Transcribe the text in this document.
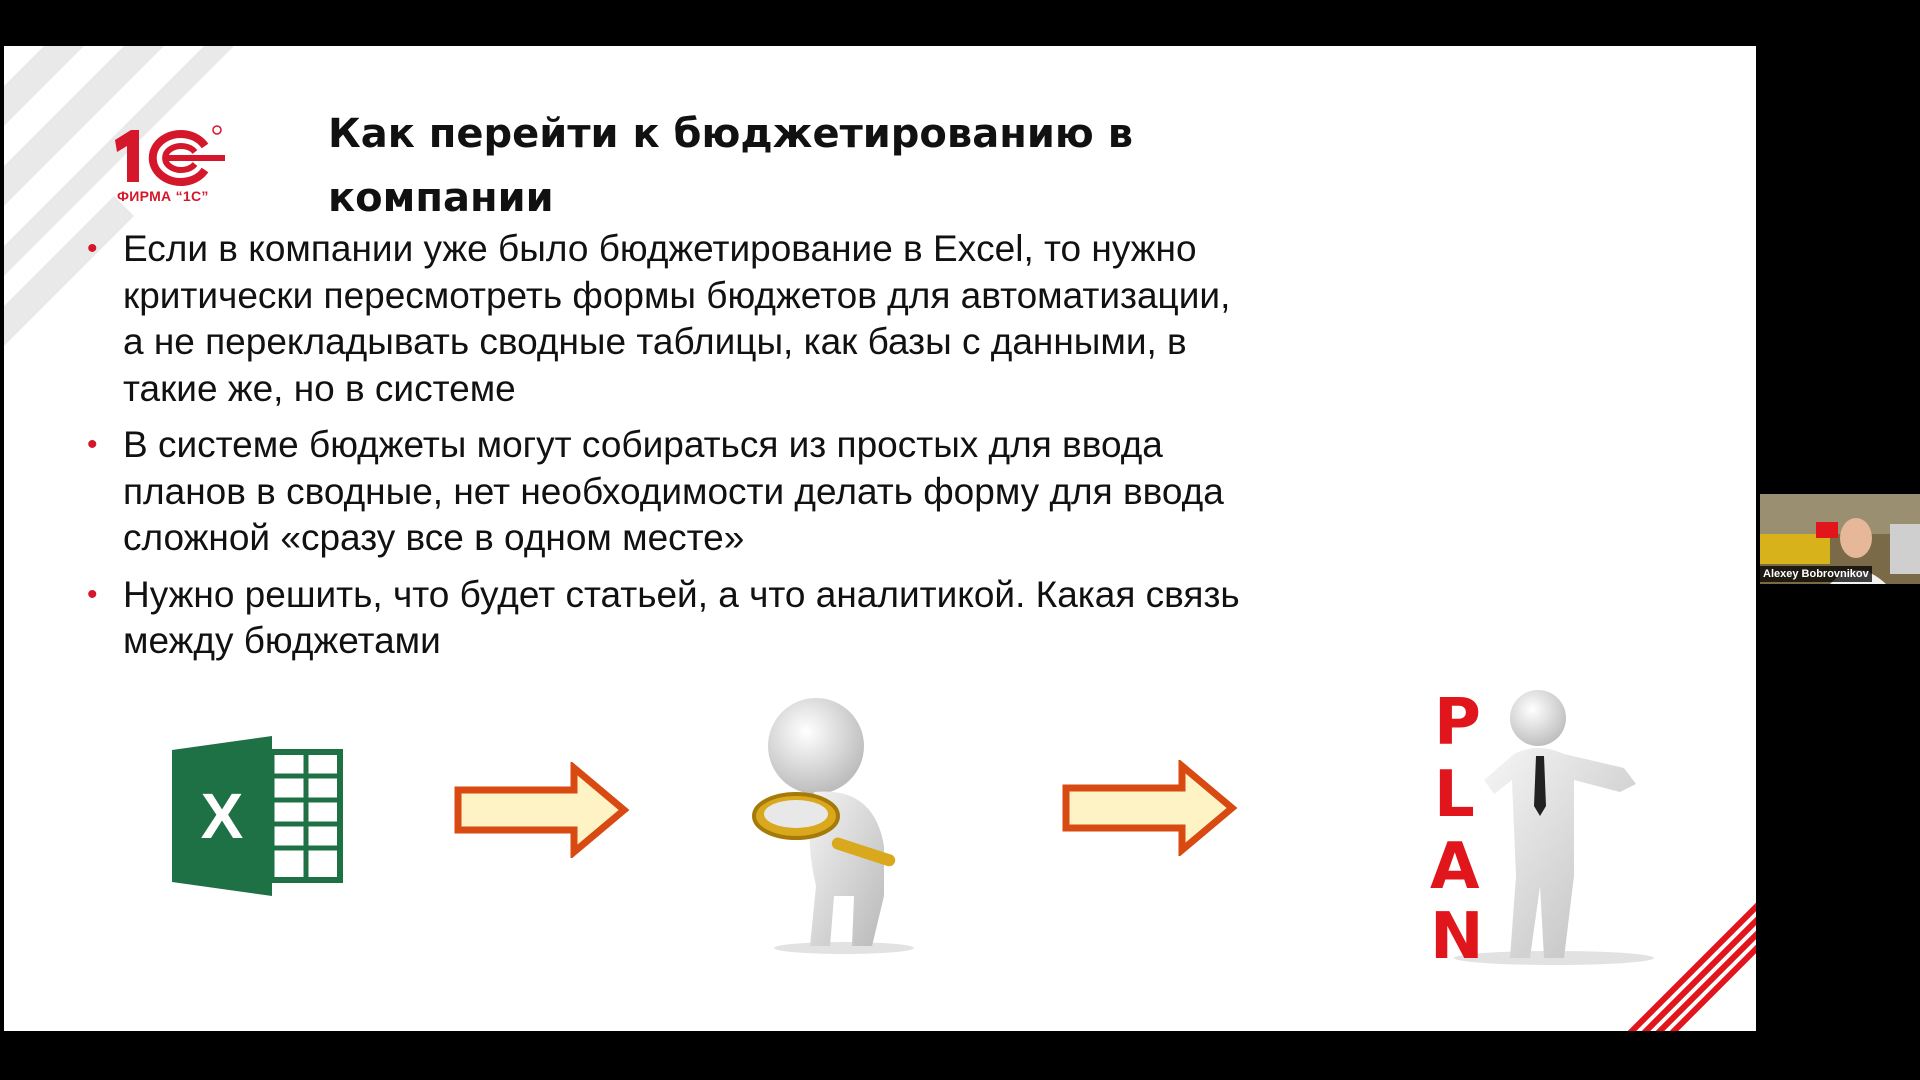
ФИРМА “1С”
Как перейти к бюджетированию в
компании
• Если в компании уже было бюджетирование в Excel, то нужно
критически пересмотреть формы бюджетов для автоматизации,
а не перекладывать сводные таблицы, как базы с данными, в
такие же, но в системе
• В системе бюджеты могут собираться из простых для ввода
планов в сводные, нет необходимости делать форму для ввода
сложной «сразу все в одном месте»
• Нужно решить, что будет статьей, а что аналитикой. Какая связь
между бюджетами
X
P
L
A
N
Alexey Bobrovnikov
